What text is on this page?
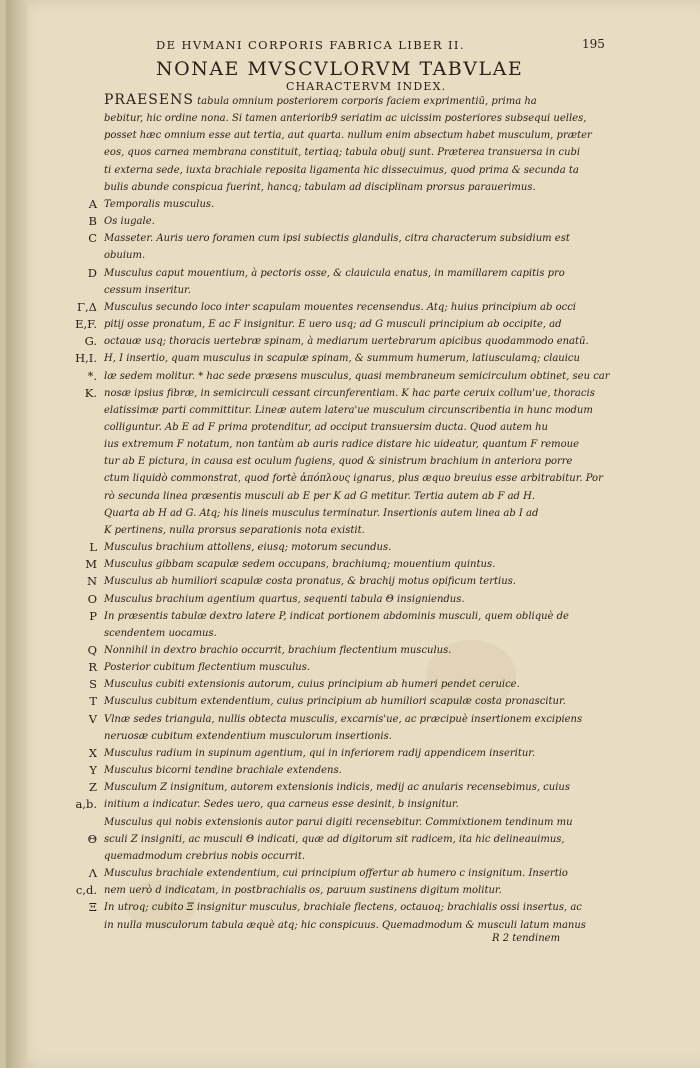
DE HVMANI CORPORIS FABRICA LIBER II.	195
NONAE MVSCVLORVM TABVLAE
CHARACTERVM INDEX.

PRAESENS tabula omnium posteriorem corporis faciem exprimentiū, prima ha
bebitur, hic ordine nona. Si tamen anteriorib9 seriatim ac uicissim posteriores subsequi uelles,
posset hæc omnium esse aut tertia, aut quarta. nullum enim absectum habet musculum, præter
eos, quos carnea membrana constituit, tertiaq; tabula obuij sunt. Præterea transuersa in cubi
ti externa sede, iuxta brachiale reposita ligamenta hic dissecuimus, quod prima & secunda ta
bulis abunde conspicua fuerint, hancq; tabulam ad disciplinam prorsus parauerimus.
A Temporalis musculus.
B Os iugale.
C Masseter. Auris uero foramen cum ipsi subiectis glandulis, citra characterum subsidium est
obuium.
D Musculus caput mouentium, à pectoris osse, & clauicula enatus, in mamillarem capitis pro
cessum inseritur.
Γ,Δ
E,F.
G.
H,I.
*.
K.
Musculus secundo loco inter scapulam mouentes recensendus. Atq; huius principium ab occi
pitij osse pronatum, E ac F insignitur. E uero usq; ad G musculi principium ab occipite, ad
octauæ usq; thoracis uertebræ spinam, à mediarum uertebrarum apicibus quodammodo enatū.
H, I insertio, quam musculus in scapulæ spinam, & summum humerum, latiusculamq; clauicu
læ sedem molitur. * hac sede præsens musculus, quasi membraneum semicirculum obtinet, seu car
nosæ ipsius fibræ, in semicirculi cessant circunferentiam. K hac parte ceruix collum'ue, thoracis
elatissimæ parti committitur. Lineæ autem latera'ue musculum circunscribentia in hunc modum
colliguntur. Ab E ad F prima protenditur, ad occiput transuersim ducta. Quod autem hu
ius extremum F notatum, non tantùm ab auris radice distare hic uideatur, quantum F remoue
tur ab E pictura, in causa est oculum fugiens, quod & sinistrum brachium in anteriora porre
ctum liquidò commonstrat, quod fortè ἀπόπλους ignarus, plus æquo breuius esse arbitrabitur. Por
rò secunda linea præsentis musculi ab E per K ad G metitur. Tertia autem ab F ad H.
Quarta ab H ad G. Atq; his lineis musculus terminatur. Insertionis autem linea ab I ad
K pertinens, nulla prorsus separationis nota existit.
L Musculus brachium attollens, eiusq; motorum secundus.
M Musculus gibbam scapulæ sedem occupans, brachiumq; mouentium quintus.
N Musculus ab humiliori scapulæ costa pronatus, & brachij motus opificum tertius.
O Musculus brachium agentium quartus, sequenti tabula Θ insigniendus.
P In præsentis tabulæ dextro latere P, indicat portionem abdominis musculi, quem obliquè de
scendentem uocamus.
Q Nonnihil in dextro brachio occurrit, brachium flectentium musculus.
R Posterior cubitum flectentium musculus.
S Musculus cubiti extensionis autorum, cuius principium ab humeri pendet ceruice.
T Musculus cubitum extendentium, cuius principium ab humiliori scapulæ costa pronascitur.
V Vlnæ sedes triangula, nullis obtecta musculis, excarnis'ue, ac præcipuè insertionem excipiens
neruosæ cubitum extendentium musculorum insertionis.
X Musculus radium in supinum agentium, qui in inferiorem radij appendicem inseritur.
Y Musculus bicorni tendine brachiale extendens.
Z
a,b.
Musculum Z insignitum, autorem extensionis indicis, medij ac anularis recensebimus, cuius
initium a indicatur. Sedes uero, qua carneus esse desinit, b insignitur.

Θ
Musculus qui nobis extensionis autor parui digiti recensebitur. Commixtionem tendinum mu
sculi Z insigniti, ac musculi Θ indicati, quæ ad digitorum sit radicem, ita hic delineauimus,
quemadmodum crebrius nobis occurrit.
Λ
c,d.
Musculus brachiale extendentium, cui principium offertur ab humero c insignitum. Insertio
nem uerò d indicatam, in postbrachialis os, paruum sustinens digitum molitur.
Ξ In utroq; cubito Ξ insignitur musculus, brachiale flectens, octauoq; brachialis ossi insertus, ac
in nulla musculorum tabula æquè atq; hic conspicuus. Quemadmodum & musculi latum manus
R 2 tendinem
